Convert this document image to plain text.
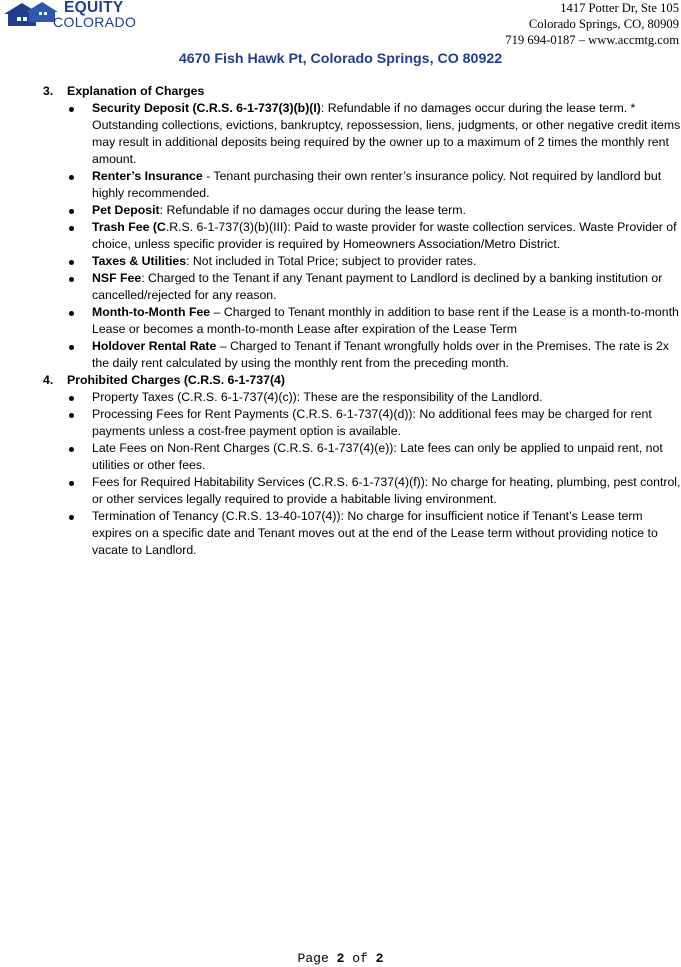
EQUITY
COLORADO
1417 Potter Dr, Ste 105
Colorado Springs, CO, 80909
719 694-0187 – www.accmtg.com
4670 Fish Hawk Pt, Colorado Springs, CO 80922
3. Explanation of Charges
Security Deposit (C.R.S. 6-1-737(3)(b)(I): Refundable if no damages occur during the lease term. * Outstanding collections, evictions, bankruptcy, repossession, liens, judgments, or other negative credit items may result in additional deposits being required by the owner up to a maximum of 2 times the monthly rent amount.
Renter’s Insurance - Tenant purchasing their own renter’s insurance policy. Not required by landlord but highly recommended.
Pet Deposit: Refundable if no damages occur during the lease term.
Trash Fee (C.R.S. 6-1-737(3)(b)(III): Paid to waste provider for waste collection services. Waste Provider of choice, unless specific provider is required by Homeowners Association/Metro District.
Taxes & Utilities: Not included in Total Price; subject to provider rates.
NSF Fee: Charged to the Tenant if any Tenant payment to Landlord is declined by a banking institution or cancelled/rejected for any reason.
Month-to-Month Fee – Charged to Tenant monthly in addition to base rent if the Lease is a month-to-month Lease or becomes a month-to-month Lease after expiration of the Lease Term
Holdover Rental Rate – Charged to Tenant if Tenant wrongfully holds over in the Premises. The rate is 2x the daily rent calculated by using the monthly rent from the preceding month.
4. Prohibited Charges (C.R.S. 6-1-737(4)
Property Taxes (C.R.S. 6-1-737(4)(c)): These are the responsibility of the Landlord.
Processing Fees for Rent Payments (C.R.S. 6-1-737(4)(d)): No additional fees may be charged for rent payments unless a cost-free payment option is available.
Late Fees on Non-Rent Charges (C.R.S. 6-1-737(4)(e)): Late fees can only be applied to unpaid rent, not utilities or other fees.
Fees for Required Habitability Services (C.R.S. 6-1-737(4)(f)): No charge for heating, plumbing, pest control, or other services legally required to provide a habitable living environment.
Termination of Tenancy (C.R.S. 13-40-107(4)): No charge for insufficient notice if Tenant’s Lease term expires on a specific date and Tenant moves out at the end of the Lease term without providing notice to vacate to Landlord.
Page 2 of 2
